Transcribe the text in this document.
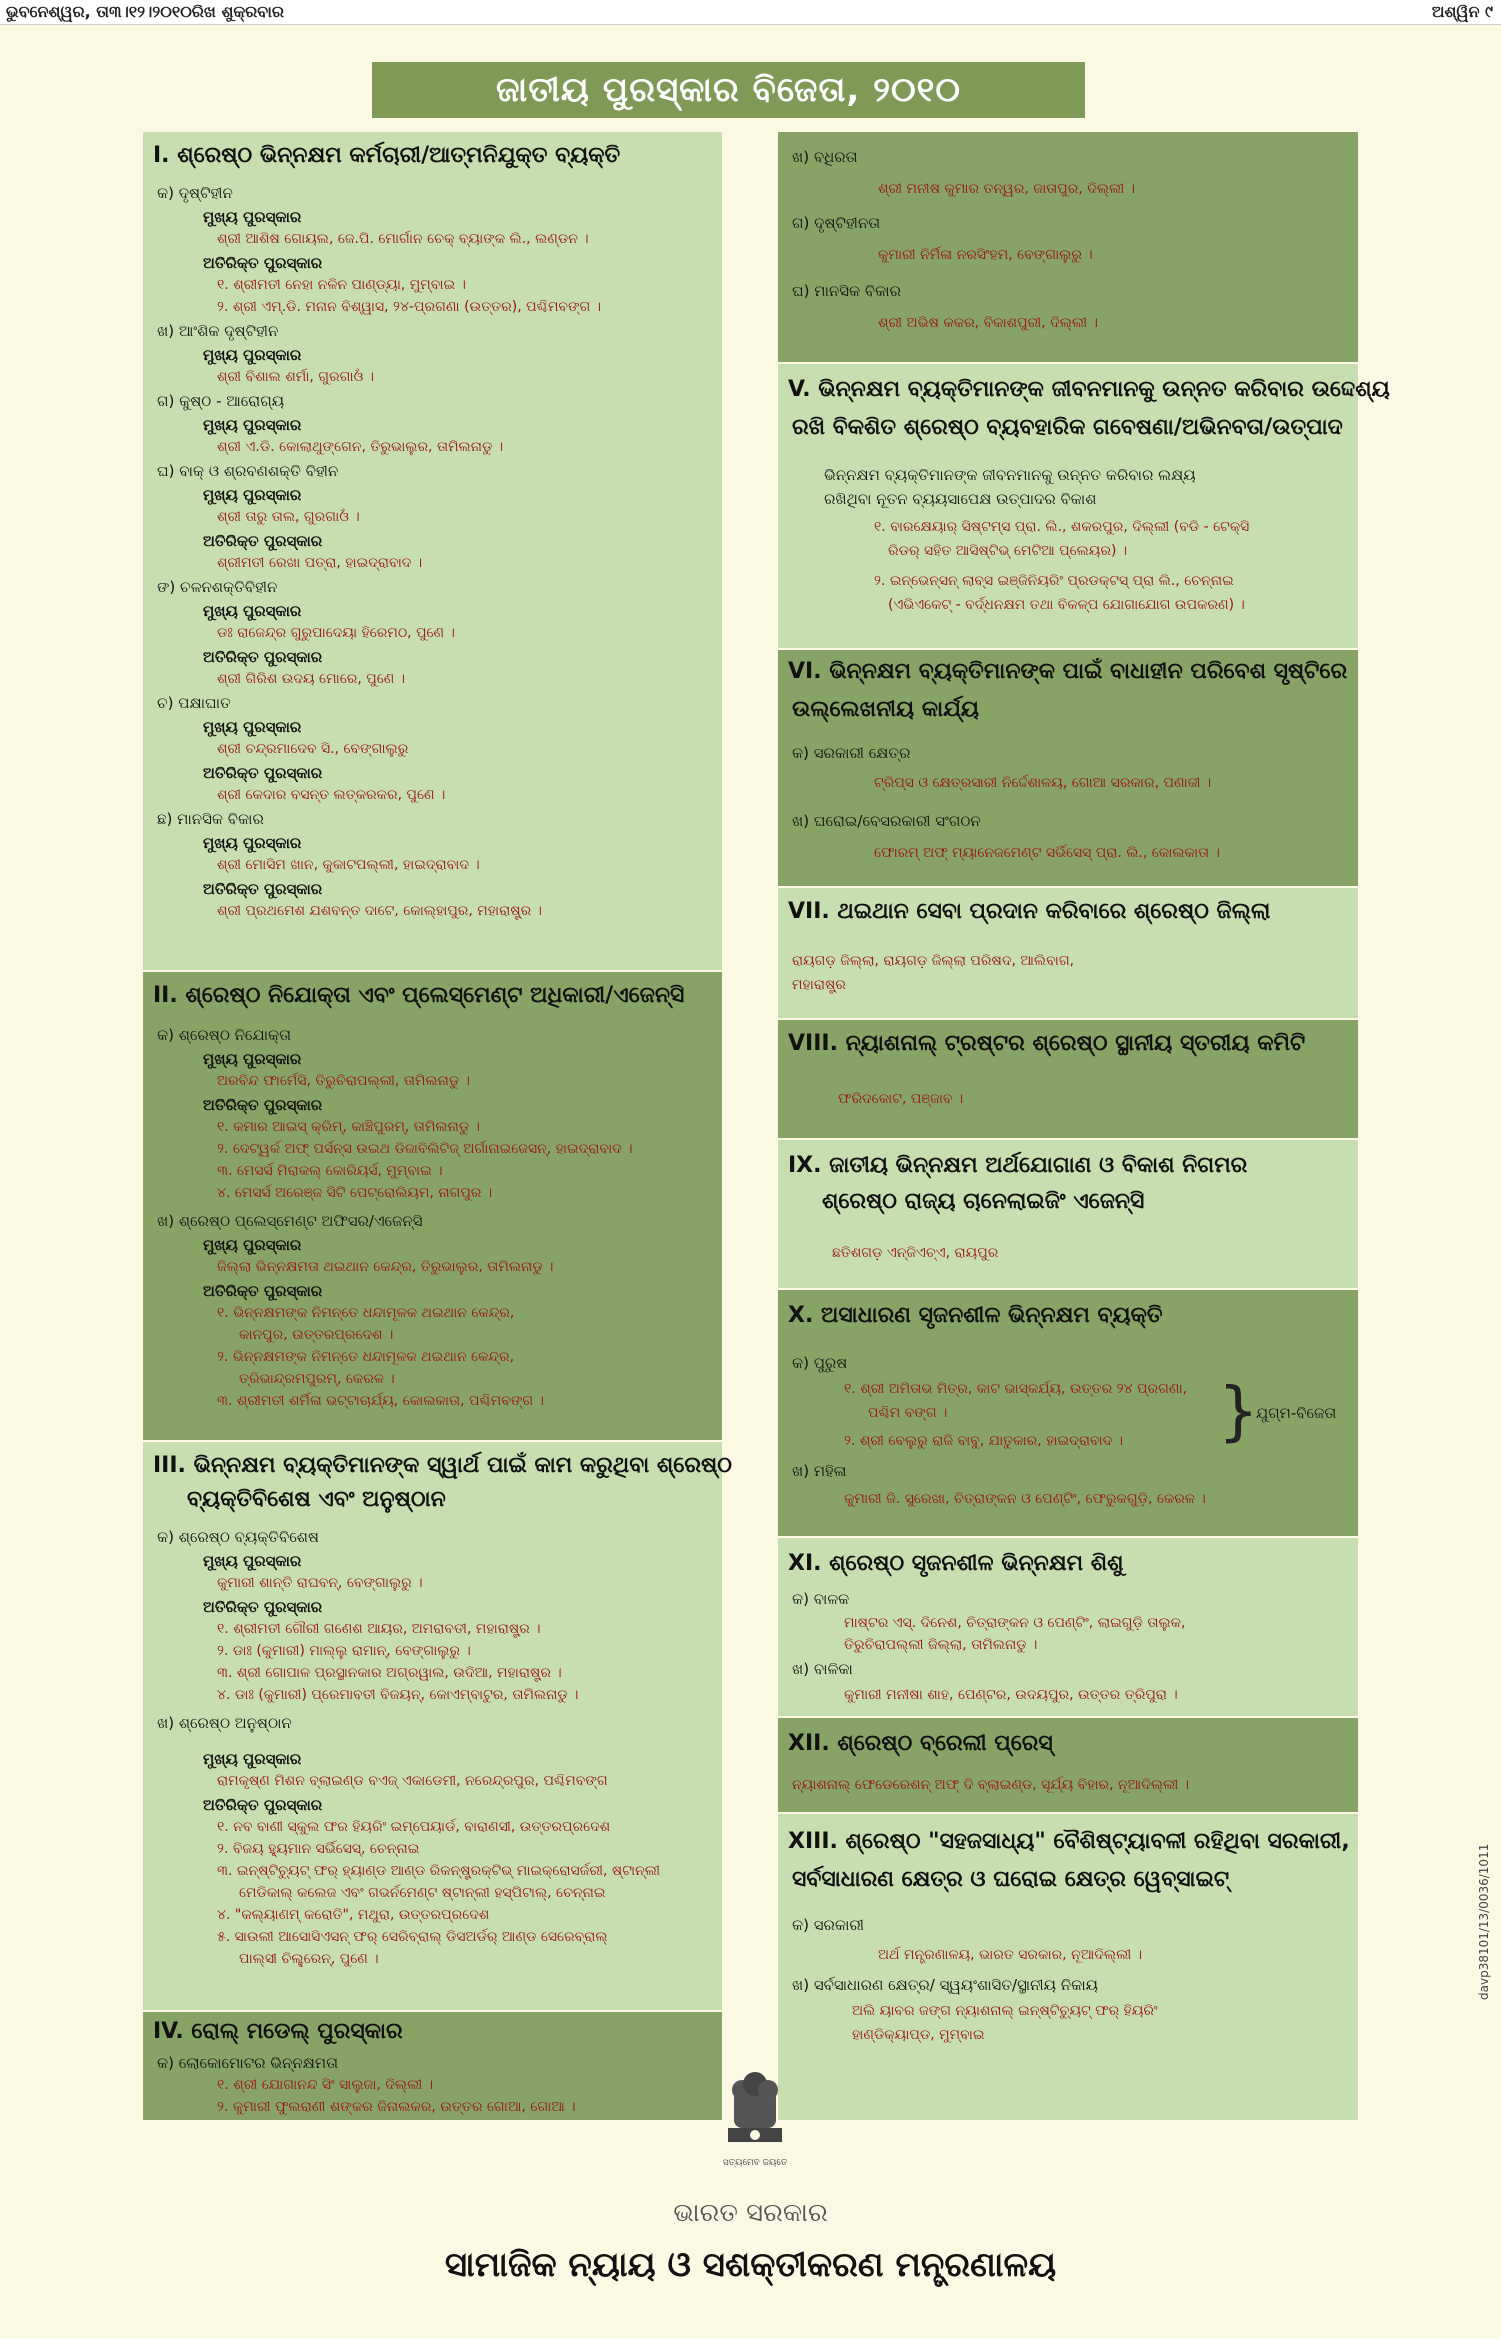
ଭୁବନେଶ୍ୱର, ତା୩।୧୨।୨୦୧୦ରିଖ ଶୁକ୍ରବାର	ଅଶ୍ୱିନ ୯
ଜାତୀୟ ପୁରସ୍କାର ବିଜେତା, ୨୦୧୦
I. ଶ୍ରେଷ୍ଠ ଭିନ୍ନକ୍ଷମ କର୍ମଚାରୀ/ଆତ୍ମନିଯୁକ୍ତ ବ୍ୟକ୍ତି
କ) ଦୃଷ୍ଟିହୀନ
ମୁଖ୍ୟ ପୁରସ୍କାର
ଶ୍ରୀ ଆଶିଷ ଗୋୟଲ, ଜେ.ପି. ମୋର୍ଗାନ ଚେକ୍ ବ୍ୟାଙ୍କ ଲି., ଲଣ୍ଡନ ।
ଅତିରିକ୍ତ ପୁରସ୍କାର
୧. ଶ୍ରୀମତୀ ନେହା ନଳିନ ପାଣ୍ଡ୍ୟା, ମୁମ୍ବାଇ ।
୨. ଶ୍ରୀ ଏମ୍.ଡି. ମନାନ ବିଶ୍ୱାସ, ୨୪-ପ୍ରଗଣା (ଉତ୍ତର), ପଶ୍ଚିମବଙ୍ଗ ।
ଖ) ଆଂଶିକ ଦୃଷ୍ଟିହୀନ
ମୁଖ୍ୟ ପୁରସ୍କାର
ଶ୍ରୀ ବିଶାଲ ଶର୍ମା, ଗୁରଗାଓଁ ।
ଗ) କୁଷ୍ଠ - ଆରୋଗ୍ୟ
ମୁଖ୍ୟ ପୁରସ୍କାର
ଶ୍ରୀ ଏ.ଡି. କୋଲାଥୁଙ୍ଗେନ, ତିରୁଭାଲୁର, ତାମିଲନାଡୁ ।
ଘ) ବାକ୍ ଓ ଶ୍ରବଣଶକ୍ତି ବିହୀନ
ମୁଖ୍ୟ ପୁରସ୍କାର
ଶ୍ରୀ ତାରୁ ତାଲ, ଗୁରଗାଓଁ ।
ଅତିରିକ୍ତ ପୁରସ୍କାର
ଶ୍ରୀମତୀ ରେଖା ପତ୍ରା, ହାଇଦ୍ରାବାଦ ।
ଙ) ଚଳନଶକ୍ତିବିହୀନ
ମୁଖ୍ୟ ପୁରସ୍କାର
ଡଃ ରାଜେନ୍ଦ୍ର ଗୁରୁପାଦେୟା ହିରେମଠ, ପୁଣେ ।
ଅତିରିକ୍ତ ପୁରସ୍କାର
ଶ୍ରୀ ଗିରିଶ ଉଦୟ ମୋରେ, ପୁଣେ ।
ଚ) ପକ୍ଷାଘାତ
ମୁଖ୍ୟ ପୁରସ୍କାର
ଶ୍ରୀ ଚନ୍ଦ୍ରମାଦେବ ସି., ବେଙ୍ଗାଲୁରୁ
ଅତିରିକ୍ତ ପୁରସ୍କାର
ଶ୍ରୀ କେଦାର ବସନ୍ତ ଲତ୍କରକର, ପୁଣେ ।
ଛ) ମାନସିକ ବିକାର
ମୁଖ୍ୟ ପୁରସ୍କାର
ଶ୍ରୀ ମୋସିମ ଖାନ, କୁକାଟପଲ୍ଲୀ, ହାଇଦ୍ରାବାଦ ।
ଅତିରିକ୍ତ ପୁରସ୍କାର
ଶ୍ରୀ ପ୍ରଥମେଶ ଯଶବନ୍ତ ଦାଟେ, କୋଲ୍ହାପୁର, ମହାରାଷ୍ଟ୍ର ।
II. ଶ୍ରେଷ୍ଠ ନିଯୋକ୍ତା ଏବଂ ପ୍ଲେସ୍ମେଣ୍ଟ ଅଧିକାରୀ/ଏଜେନ୍ସି
କ) ଶ୍ରେଷ୍ଠ ନିଯୋକ୍ତା
ମୁଖ୍ୟ ପୁରସ୍କାର
ଅରବିନ୍ଦ ଫାର୍ମେସି, ତିରୁଚିରାପଲ୍ଲୀ, ତାମିଲନାଡୁ ।
ଅତିରିକ୍ତ ପୁରସ୍କାର
୧. କମାର ଆଇସ୍ କ୍ରିମ୍, କାଞ୍ଚିପୁରମ୍, ତାମିଲନାଡୁ ।
୨. ଦେଟ୍‌ୱର୍କ ଅଫ୍ ପର୍ସନ୍ସ ଉଇଥ ଡିଜାବିଲିଟିଜ୍ ଅର୍ଗାନାଇଜେସନ୍, ହାଇଦ୍ରାବାଦ ।
୩. ମେସର୍ସ ମିରାକଲ୍ କୋରିୟର୍ସ, ମୁମ୍ବାଇ ।
୪. ମେସର୍ସ ଅରେଞ୍ଜ ସିଟି ପେଟ୍ରୋଲିୟମ, ନାଗପୁର ।
ଖ) ଶ୍ରେଷ୍ଠ ପ୍ଲେସ୍ମେଣ୍ଟ ଅଫିସର/ଏଜେନ୍ସି
ମୁଖ୍ୟ ପୁରସ୍କାର
ଜିଲ୍ଲା ଭିନ୍ନକ୍ଷମତା ଥଇଥାନ କେନ୍ଦ୍ର, ତିରୁଭାଲୁର, ତାମିଲନାଡୁ ।
ଅତିରିକ୍ତ ପୁରସ୍କାର
୧. ଭିନ୍ନକ୍ଷମଙ୍କ ନିମନ୍ତେ ଧନ୍ଦାମୂଳକ ଥଇଥାନ କେନ୍ଦ୍ର,
କାନପୁର, ଉତ୍ତରପ୍ରଦେଶ ।
୨. ଭିନ୍ନକ୍ଷମଙ୍କ ନିମନ୍ତେ ଧନ୍ଦାମୂଳକ ଥଇଥାନ କେନ୍ଦ୍ର,
ତ୍ରିଭାନ୍ଦ୍ରମପୁରମ୍, କେରଳ ।
୩. ଶ୍ରୀମତୀ ଶର୍ମିଳା ଭଟ୍ଟାଚାର୍ଯ୍ୟ, କୋଲକାତା, ପଶ୍ଚିମବଙ୍ଗ ।
III. ଭିନ୍ନକ୍ଷମ ବ୍ୟକ୍ତିମାନଙ୍କ ସ୍ୱାର୍ଥ ପାଇଁ କାମ କରୁଥିବା ଶ୍ରେଷ୍ଠ
ବ୍ୟକ୍ତିବିଶେଷ ଏବଂ ଅନୁଷ୍ଠାନ
କ) ଶ୍ରେଷ୍ଠ ବ୍ୟକ୍ତିବିଶେଷ
ମୁଖ୍ୟ ପୁରସ୍କାର
କୁମାରୀ ଶାନ୍ତି ରାଘବନ୍, ବେଙ୍ଗାଲୁରୁ ।
ଅତିରିକ୍ତ ପୁରସ୍କାର
୧. ଶ୍ରୀମତୀ ଗୌରୀ ଗଣେଶ ଆୟର, ଅମରାବତୀ, ମହାରାଷ୍ଟ୍ର ।
୨. ଡାଃ (କୁମାରୀ) ମାଲ୍ଲୁ ରାମାନ୍, ବେଙ୍ଗାଲୁରୁ ।
୩. ଶ୍ରୀ ଗୋପାଳ ପ୍ରସ୍ଥାନକାର ଅଗ୍ରୱାଲ, ଉଦିଆ, ମହାରାଷ୍ଟ୍ର ।
୪. ଡାଃ (କୁମାରୀ) ପ୍ରେମାବତୀ ବିଜୟନ୍, କୋଏମ୍ବାଟୁର, ତାମିଲନାଡୁ ।
ଖ) ଶ୍ରେଷ୍ଠ ଅନୁଷ୍ଠାନ
ମୁଖ୍ୟ ପୁରସ୍କାର
ରାମକୃଷ୍ଣ ମିଶନ ବ୍ଲାଇଣ୍ଡ ବଏଜ୍ ଏକାଡେମୀ, ନରେନ୍ଦ୍ରପୁର, ପଶ୍ଚିମବଙ୍ଗ
ଅତିରିକ୍ତ ପୁରସ୍କାର
୧. ନବ ବାଣୀ ସ୍କୁଲ ଫର ହିୟରିଂ ଇମ୍ପେୟାର୍ଡ, ବାରାଣସୀ, ଉତ୍ତରପ୍ରଦେଶ
୨. ବିଜୟ ହ୍ୟୁମାନ ସର୍ଭିସେସ୍, ଚେନ୍ନାଇ
୩. ଇନ୍‌ଷ୍ଟିଚ୍ୟୁଟ୍ ଫର୍ ହ୍ୟାଣ୍ଡ ଆଣ୍ଡ ରିକନ୍ଷ୍ଟ୍ରକ୍ଟିଭ୍ ମାଇକ୍ରୋସର୍ଜରୀ, ଷ୍ଟାନ୍ଲୀ
ମେଡିକାଲ୍ କଲେଜ ଏବଂ ଗଭର୍ନମେଣ୍ଟ ଷ୍ଟାନ୍ଲୀ ହସ୍ପିଟାଲ୍, ଚେନ୍ନାଇ
୪. "କଲ୍ୟାଣମ୍ କରୋତି", ମଥୁରା, ଉତ୍ତରପ୍ରଦେଶ
୫. ସାଉଲୀ ଆସୋସିଏସନ୍ ଫର୍ ସେରିବ୍ରାଲ୍ ଡିସଅର୍ଡର୍ ଆଣ୍ଡ ସେରେବ୍ରାଲ୍
ପାଲ୍ସୀ ଚିଲ୍ଡ୍ରେନ୍, ପୁଣେ ।
IV. ରୋଲ୍ ମଡେଲ୍ ପୁରସ୍କାର
କ) ଲୋକୋମୋଟର ଭିନ୍ନକ୍ଷମତା
୧. ଶ୍ରୀ ଯୋଗାନନ୍ଦ ସିଂ ସାଲୁଜା, ଦିଲ୍ଲୀ ।
୨. କୁମାରୀ ଫୁଲରାଣୀ ଶଙ୍କର ଜିନାଲକର, ଉତ୍ତର ଗୋଆ, ଗୋଆ ।
ଖ) ବଧିରତା
ଶ୍ରୀ ମନୀଷ କୁମାର ତନ୍ୱର, ଜାତାପୁର, ଦିଲ୍ଲୀ ।
ଗ) ଦୃଷ୍ଟିହୀନତା
କୁମାରୀ ନିର୍ମିଳା ନରସିଂହମ, ବେଙ୍ଗାଲୁରୁ ।
ଘ) ମାନସିକ ବିକାର
ଶ୍ରୀ ଅଭିଷ କକର, ବିକାଶପୁରୀ, ଦିଲ୍ଲୀ ।
V. ଭିନ୍ନକ୍ଷମ ବ୍ୟକ୍ତିମାନଙ୍କ ଜୀବନମାନକୁ ଉନ୍ନତ କରିବାର ଉଦ୍ଦେଶ୍ୟ
ରଖି ବିକଶିତ ଶ୍ରେଷ୍ଠ ବ୍ୟବହାରିକ ଗବେଷଣା/ଅଭିନବତା/ଉତ୍ପାଦ
ଭିନ୍ନକ୍ଷମ ବ୍ୟକ୍ତିମାନଙ୍କ ଜୀବନମାନକୁ ଉନ୍ନତ କରିବାର ଲକ୍ଷ୍ୟ
ରଖିଥିବା ନୂତନ ବ୍ୟୟସାପେକ୍ଷ ଉତ୍ପାଦର ବିକାଶ
୧. ବାରକ୍ଷେୟାର୍ ସିଷ୍ଟମ୍ସ ପ୍ରା. ଲି., ଶକରପୁର, ଦିଲ୍ଲୀ (ବଡି - ଟେକ୍ସି
ରିଡର୍ ସହିତ ଆସିଷ୍ଟିଭ୍ ମେଟିଆ ପ୍ଲେୟର) ।
୨. ଇନ୍‌ଭେନ୍‌ସନ୍ ଲାବ୍ସ ଇଞ୍ଜିନିୟରିଂ ପ୍ରଡକ୍ଟସ୍ ପ୍ରା ଲି., ଚେନ୍ନାଇ
(ଏଭିଏକେଟ୍ - ବର୍ଦ୍ଧନକ୍ଷମ ତଥା ବିକଳ୍ପ ଯୋଗାଯୋଗ ଉପକରଣ) ।
VI. ଭିନ୍ନକ୍ଷମ ବ୍ୟକ୍ତିମାନଙ୍କ ପାଇଁ ବାଧାହୀନ ପରିବେଶ ସୃଷ୍ଟିରେ
ଉଲ୍ଲେଖନୀୟ କାର୍ଯ୍ୟ
କ) ସରକାରୀ କ୍ଷେତ୍ର
ଟ୍ରିପ୍ସ ଓ କ୍ଷେତ୍ରସାରୀ ନିର୍ଦ୍ଦେଶାଳୟ, ଗୋଆ ସରକାର, ପଣାଜୀ ।
ଖ) ଘରୋଇ/ବେସରକାରୀ ସଂଗଠନ
ଫୋରମ୍ ଅଫ୍ ମ୍ୟାନେଜମେଣ୍ଟ ସର୍ଭିସେସ୍ ପ୍ରା. ଲି., କୋଲକାତା ।
VII. ଥଇଥାନ ସେବା ପ୍ରଦାନ କରିବାରେ ଶ୍ରେଷ୍ଠ ଜିଲ୍ଲା
ରାୟଗଡ଼ ଜିଲ୍ଲା, ରାୟଗଡ଼ ଜିଲ୍ଲା ପରିଷଦ, ଆଲିବାଗ,
ମହାରାଷ୍ଟ୍ର
VIII. ନ୍ୟାଶନାଲ୍ ଟ୍ରଷ୍ଟର ଶ୍ରେଷ୍ଠ ସ୍ଥାନୀୟ ସ୍ତରୀୟ କମିଟି
ଫରିଦକୋଟ, ପଞ୍ଜାବ ।
IX. ଜାତୀୟ ଭିନ୍ନକ୍ଷମ ଅର୍ଥଯୋଗାଣ ଓ ବିକାଶ ନିଗମର
ଶ୍ରେଷ୍ଠ ରାଜ୍ୟ ଚାନେଲାଇଜିଂ ଏଜେନ୍ସି
ଛତିଶଗଡ଼ ଏନ୍‌ଜିଏଚ୍‌ଏ, ରାୟପୁର
X. ଅସାଧାରଣ ସୃଜନଶୀଳ ଭିନ୍ନକ୍ଷମ ବ୍ୟକ୍ତି
କ) ପୁରୁଷ
୧. ଶ୍ରୀ ଅମିତାଭ ମିତ୍ର, କାଟ ଭାସ୍କର୍ଯ୍ୟ, ଉତ୍ତର ୨୪ ପ୍ରଗଣା,
ପଶ୍ଚିମ ବଙ୍ଗ ।
୨. ଶ୍ରୀ ବେଲୁରୁ ରାଜି ବାବୁ, ଯାତୁକାର, ହାଇଦ୍ରାବାଦ । }
ଯୁଗ୍ମ-ବିଜେତା
ଖ) ମହିଳା
କୁମାରୀ ଜି. ସୁରେଖା, ଚିତ୍ରାଙ୍କନ ଓ ପେଣ୍ଟିଂ, ଫେରୁକଗୁଡ଼ି, କେରଳ ।
XI. ଶ୍ରେଷ୍ଠ ସୃଜନଶୀଳ ଭିନ୍ନକ୍ଷମ ଶିଶୁ
କ) ବାଳକ
ମାଷ୍ଟର ଏସ୍. ଦିନେଶ, ଚିତ୍ରାଙ୍କନ ଓ ପେଣ୍ଟିଂ, ଲାଇଗୁଡ଼ି ତାଲୁକ,
ତିରୁଚିରାପଲ୍ଲୀ ଜିଲ୍ଲା, ତାମିଲନାଡୁ ।
ଖ) ବାଳିକା
କୁମାରୀ ମନୀଷା ଶାହ, ପେଣ୍ଟର, ଉଦୟପୁର, ଉତ୍ତର ତ୍ରିପୁରା ।
XII. ଶ୍ରେଷ୍ଠ ବ୍ରେଲୀ ପ୍ରେସ୍
ନ୍ୟାଶନାଲ୍ ଫେଡେରେଶନ୍ ଅଫ୍ ଦି ବ୍ଲାଇଣ୍ଡ, ସୂର୍ଯ୍ୟ ବିହାର, ନୂଆଦିଲ୍ଲୀ ।
XIII. ଶ୍ରେଷ୍ଠ "ସହଜସାଧ୍ୟ" ବୈଶିଷ୍ଟ୍ୟାବଳୀ ରହିଥିବା ସରକାରୀ,
ସର୍ବସାଧାରଣ କ୍ଷେତ୍ର ଓ ଘରୋଇ କ୍ଷେତ୍ର ୱେବ୍‌ସାଇଟ୍
କ) ସରକାରୀ
ଅର୍ଥ ମନ୍ତ୍ରଣାଳୟ, ଭାରତ ସରକାର, ନୂଆଦିଲ୍ଲୀ ।
ଖ) ସର୍ବସାଧାରଣ କ୍ଷେତ୍ର/ ସ୍ୱୟଂଶାସିତ/ସ୍ଥାନୀୟ ନିକାୟ
ଅଲି ୟାବର ଜଙ୍ଗ ନ୍ୟାଶନାଲ୍ ଇନ୍‌ଷ୍ଟିଚ୍ୟୁଟ୍ ଫର୍ ହିୟରିଂ
ହାଣ୍ଡିକ୍ୟାପ୍‌ଡ, ମୁମ୍ବାଇ
ସତ୍ୟମେବ ଜୟତେ
ଭାରତ ସରକାର
ସାମାଜିକ ନ୍ୟାୟ ଓ ସଶକ୍ତୀକରଣ ମନ୍ତ୍ରଣାଳୟ
davp38101/13/0036/1011
